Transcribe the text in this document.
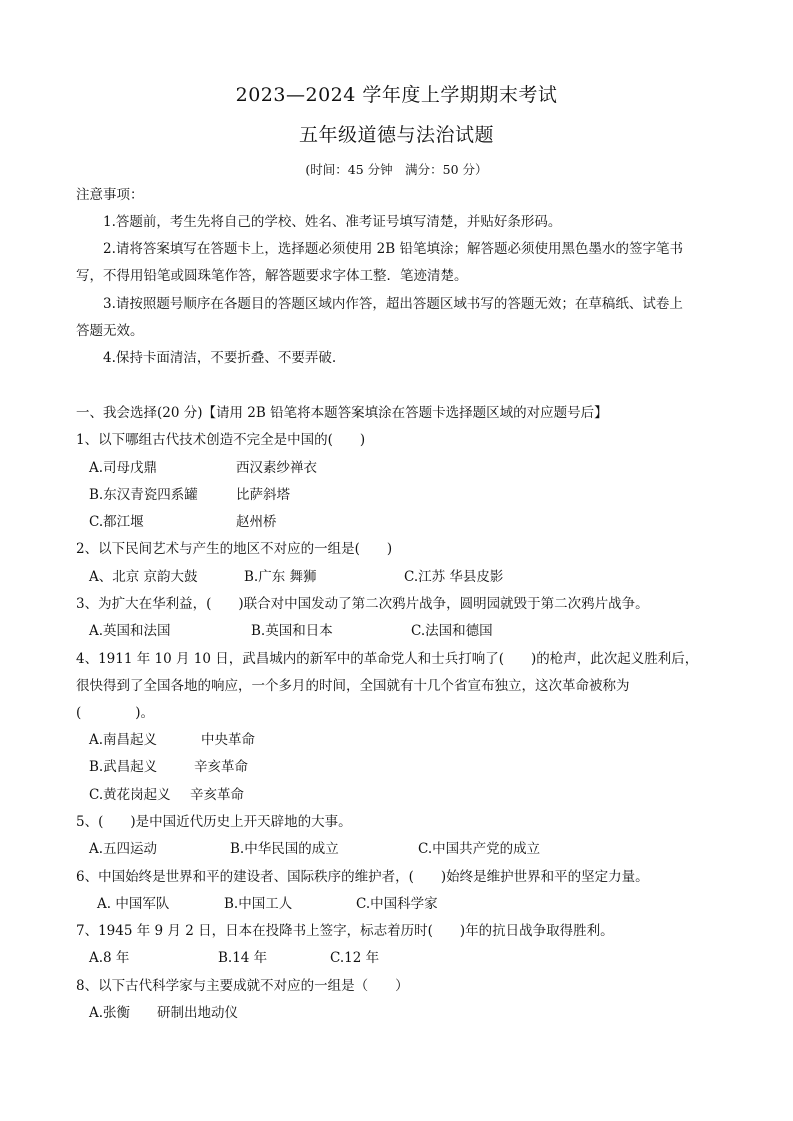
2023—2024 学年度上学期期末考试
五年级道德与法治试题
(时间：45 分钟　满分：50 分）
注意事项：
1.答题前，考生先将自己的学校、姓名、准考证号填写清楚，并贴好条形码。
2.请将答案填写在答题卡上，选择题必须使用 2B 铅笔填涂；解答题必须使用黑色墨水的签字笔书
写，不得用铅笔或圆珠笔作答，解答题要求字体工整．笔迹清楚。
3.请按照题号顺序在各题目的答题区域内作答，超出答题区域书写的答题无效；在草稿纸、试卷上
答题无效。
4.保持卡面清洁，不要折叠、不要弄破.
一、我会选择(20 分)【请用 2B 铅笔将本题答案填涂在答题卡选择题区域的对应题号后】
1、以下哪组古代技术创造不完全是中国的(　　)
A.司母戊鼎	西汉素纱禅衣
B.东汉青瓷四系罐	比萨斜塔
C.都江堰	赵州桥
2、以下民间艺术与产生的地区不对应的一组是(　　)
A、北京 京韵大鼓	B.广东 舞狮	C.江苏 华县皮影
3、为扩大在华利益，(　　)联合对中国发动了第二次鸦片战争，圆明园就毁于第二次鸦片战争。
A.英国和法国	B.英国和日本	C.法国和德国
4、1911 年 10 月 10 日，武昌城内的新军中的革命党人和士兵打响了(　　)的枪声，此次起义胜利后，
很快得到了全国各地的响应，一个多月的时间，全国就有十几个省宣布独立，这次革命被称为
(　　　　)。
A.南昌起义	中央革命
B.武昌起义	辛亥革命
C.黄花岗起义 辛亥革命
5、(　　)是中国近代历史上开天辟地的大事。
A.五四运动	B.中华民国的成立	C.中国共产党的成立
6、中国始终是世界和平的建设者、国际秩序的维护者，(　　)始终是维护世界和平的坚定力量。
A. 中国军队	B.中国工人	C.中国科学家
7、1945 年 9 月 2 日，日本在投降书上签字，标志着历时(　　)年的抗日战争取得胜利。
A.8 年	B.14 年	C.12 年
8、以下古代科学家与主要成就不对应的一组是（　　）
A.张衡 研制出地动仪
